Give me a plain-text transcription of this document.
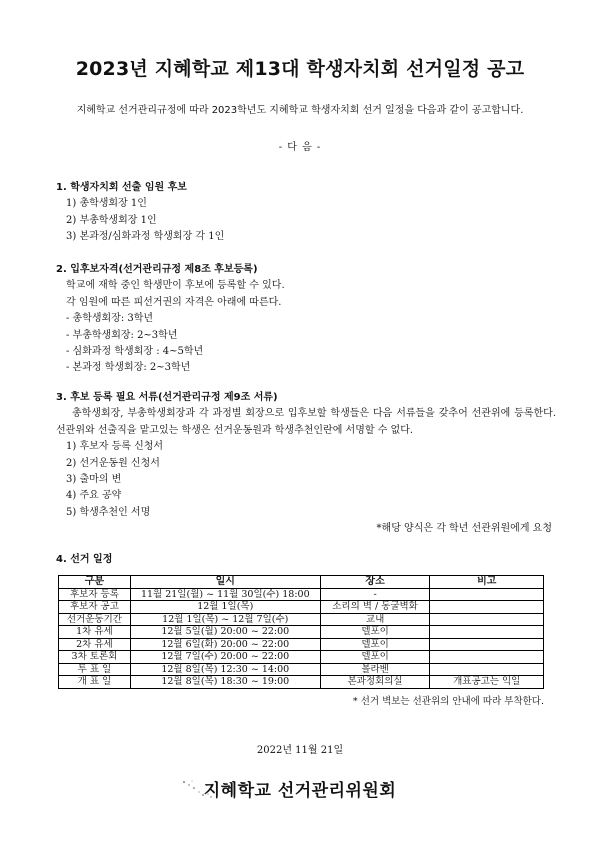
2023년 지혜학교 제13대 학생자치회 선거일정 공고
지혜학교 선거관리규정에 따라 2023학년도 지혜학교 학생자치회 선거 일정을 다음과 같이 공고합니다.
- 다 음 -
1. 학생자치회 선출 임원 후보

1) 총학생회장 1인

2) 부총학생회장 1인

3) 본과정/심화과정 학생회장 각 1인

2. 입후보자격(선거관리규정 제8조 후보등록)

학교에 재학 중인 학생만이 후보에 등록할 수 있다.

각 임원에 따른 피선거권의 자격은 아래에 따른다.

- 총학생회장: 3학년

- 부총학생회장: 2~3학년

- 심화과정 학생회장 : 4~5학년

- 본과정 학생회장: 2~3학년

3. 후보 등록 필요 서류(선거관리규정 제9조 서류)

총학생회장, 부총학생회장과 각 과정별 회장으로 입후보할 학생들은 다음 서류들을 갖추어 선관위에 등록한다. 선관위와 선출직을 맡고있는 학생은 선거운동원과 학생추천인란에 서명할 수 없다.

1) 후보자 등록 신청서

2) 선거운동원 신청서

3) 출마의 변

4) 주요 공약

5) 학생추천인 서명

*해당 양식은 각 학년 선관위원에게 요청

4. 선거 일정
구분	일시	장소	비고
후보자 등록	11월 21일(월) ~ 11월 30일(수) 18:00	-	
후보자 공고	12월 1일(목)	소리의 벽 / 동굴벽화	
선거운동기간	12월 1일(목) ~ 12월 7일(수)	교내	
1차 유세	12월 5일(월) 20:00 ~ 22:00	델포이	
2차 유세	12월 6일(화) 20:00 ~ 22:00	델포이	
3차 토론회	12월 7일(수) 20:00 ~ 22:00	델포이	
투 표 일	12월 8일(목) 12:30 ~ 14:00	볼라벤	
개 표 일	12월 8일(목) 18:30 ~ 19:00	본과정회의실	개표공고는 익일
* 선거 벽보는 선관위의 안내에 따라 부착한다.
2022년 11월 21일
지혜학교 선거관리위원회
